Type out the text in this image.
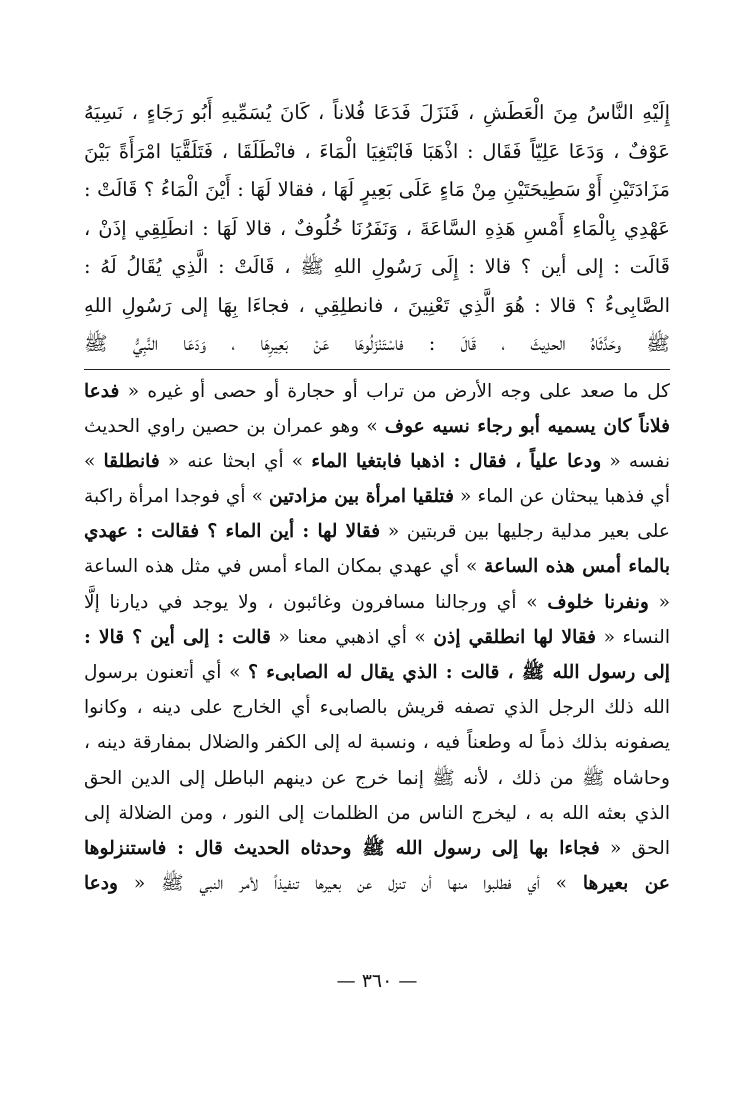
إِلَيْهِ النَّاسُ مِنَ الْعَطَشِ ، فَنَزَلَ فَدَعَا فُلاناً ، كَانَ يُسَمِّيهِ أَبُو رَجَاءٍ ، نَسِيَهُ
عَوْفٌ ، وَدَعَا عَلِيّاً فَقَال : اذْهَبَا فَابْتَغِيَا الْمَاءَ ، فانْطَلَقَا ، فَتَلَقَّيَا امْرَأَةً بَيْنَ
مَزَادَتَيْنِ أَوْ سَطِيحَتَيْنِ مِنْ مَاءٍ عَلَى بَعِيرٍ لَهَا ، فقالا لَهَا : أَيْنَ الْمَاءُ ؟ قَالَتْ :
عَهْدِي بِالْمَاءِ أَمْسِ هَذِهِ السَّاعَةَ ، وَنَفَرُنَا خُلُوفٌ ، قالا لَهَا : انطَلِقِي إذَنْ ،
قَالَت : إلى أين ؟ قالا : إِلَى رَسُولِ اللهِ ﷺ ، قَالَتْ : الَّذِي يُقَالُ لَهُ :
الصَّابِىءُ ؟ قالا : هُوَ الَّذِي تَعْنِينَ ، فانطلِقِي ، فجاءَا بِهَا إلى رَسُولِ اللهِ
ﷺ وحَدَّثَاهُ الحدِيثَ ، قَالَ : فاسْتَنْزَلُوهَا عَنْ بَعِيرِهَا ، وَدَعَا النَّبِيُّ ﷺ
كل ما صعد على وجه الأرض من تراب أو حجارة أو حصى أو غيره « فدعا
فلاناً كان يسميه أبو رجاء نسيه عوف » وهو عمران بن حصين راوي الحديث
نفسه « ودعا علياً ، فقال : اذهبا فابتغيا الماء » أي ابحثا عنه « فانطلقا »
أي فذهبا يبحثان عن الماء « فتلقيا امرأة بين مزادتين » أي فوجدا امرأة راكبة
على بعير مدلية رجليها بين قربتين « فقالا لها : أين الماء ؟ فقالت : عهدي
بالماء أمس هذه الساعة » أي عهدي بمكان الماء أمس في مثل هذه الساعة
« ونفرنا خلوف » أي ورجالنا مسافرون وغائبون ، ولا يوجد في ديارنا إلَّا
النساء « فقالا لها انطلقي إذن » أي اذهبي معنا « قالت : إلى أين ؟ قالا :
إلى رسول الله ﷺ ، قالت : الذي يقال له الصابىء ؟ » أي أتعنون برسول
الله ذلك الرجل الذي تصفه قريش بالصابىء أي الخارج على دينه ، وكانوا
يصفونه بذلك ذماً له وطعناً فيه ، ونسبة له إلى الكفر والضلال بمفارقة دينه ،
وحاشاه ﷺ من ذلك ، لأنه ﷺ إنما خرج عن دينهم الباطل إلى الدين الحق
الذي بعثه الله به ، ليخرج الناس من الظلمات إلى النور ، ومن الضلالة إلى
الحق « فجاءا بها إلى رسول الله ﷺ وحدثاه الحديث قال : فاستنزلوها
عن بعيرها » أي فطلبوا منها أن تنزل عن بعيرها تنفيذاً لأمر النبي ﷺ « ودعا
— ٣٦٠ —
